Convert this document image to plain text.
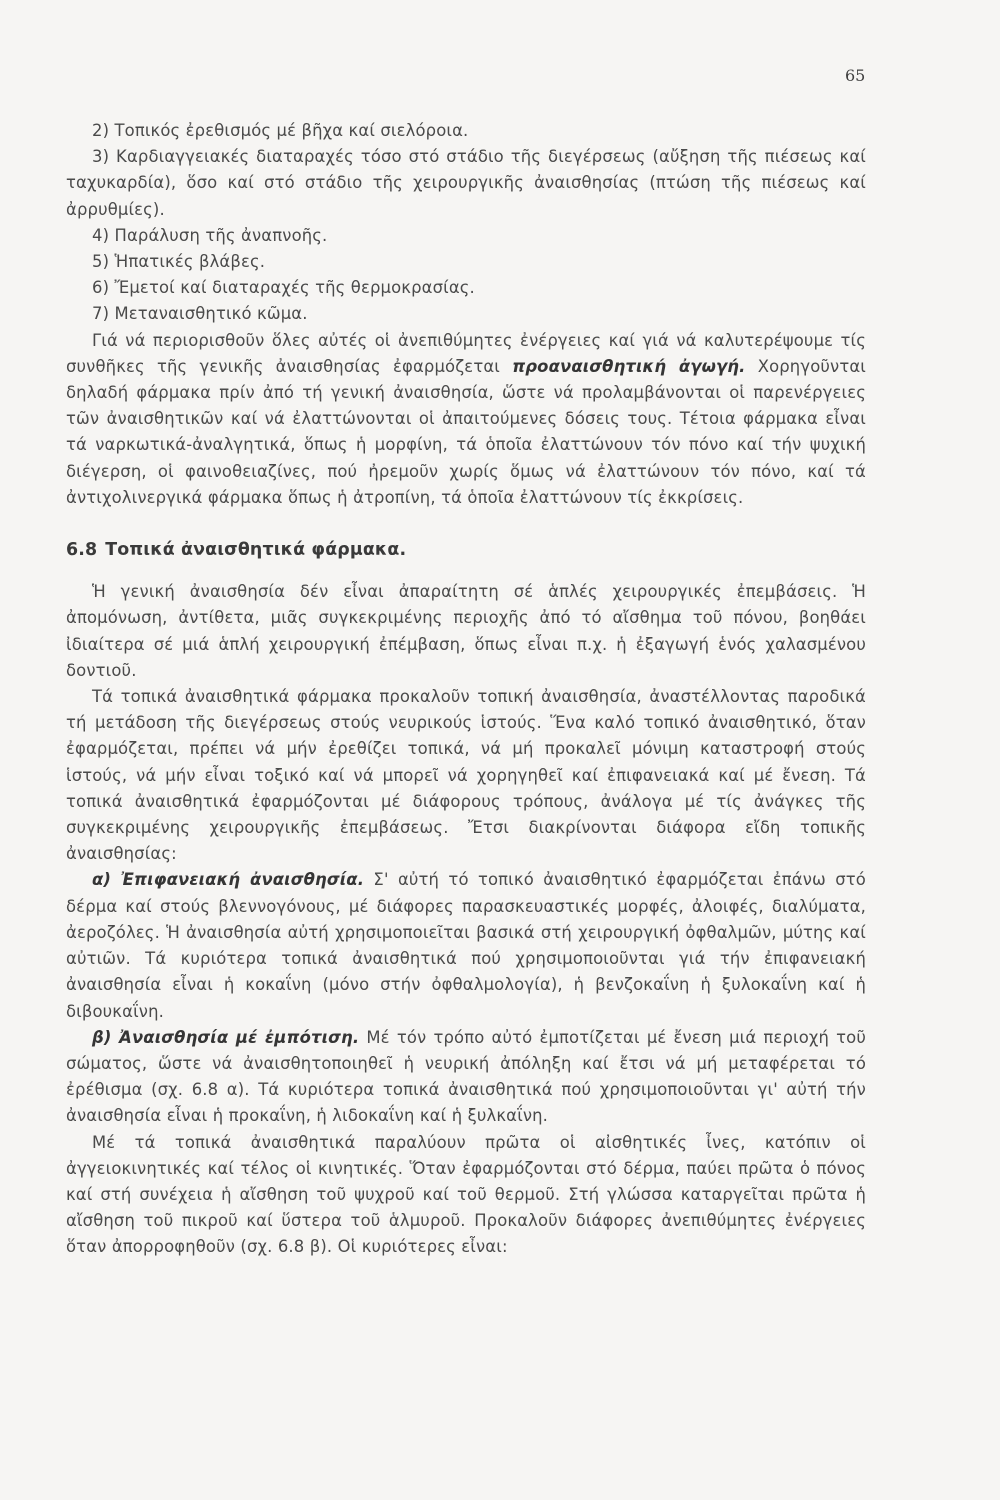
65

2) Τοπικός ἐρεθισμός μέ βῆχα καί σιελόροια.

3) Καρδιαγγειακές διαταραχές τόσο στό στάδιο τῆς διεγέρσεως (αὔξηση τῆς πιέσεως καί ταχυκαρδία), ὅσο καί στό στάδιο τῆς χειρουργικῆς ἀναισθησίας (πτώση τῆς πιέσεως καί ἀρρυθμίες).

4) Παράλυση τῆς ἀναπνοῆς.

5) Ἡπατικές βλάβες.

6) Ἔμετοί καί διαταραχές τῆς θερμοκρασίας.

7) Μεταναισθητικό κῶμα.

Γιά νά περιορισθοῦν ὅλες αὐτές οἱ ἀνεπιθύμητες ἐνέργειες καί γιά νά καλυτερέψουμε τίς συνθῆκες τῆς γενικῆς ἀναισθησίας ἐφαρμόζεται προαναισθητική ἀγωγή. Χορηγοῦνται δηλαδή φάρμακα πρίν ἀπό τή γενική ἀναισθησία, ὥστε νά προλαμβάνονται οἱ παρενέργειες τῶν ἀναισθητικῶν καί νά ἐλαττώνονται οἱ ἀπαιτούμενες δόσεις τους. Τέτοια φάρμακα εἶναι τά ναρκωτικά-ἀναλγητικά, ὅπως ἡ μορφίνη, τά ὁποῖα ἐλαττώνουν τόν πόνο καί τήν ψυχική διέγερση, οἱ φαινοθειαζίνες, πού ἠρεμοῦν χωρίς ὅμως νά ἐλαττώνουν τόν πόνο, καί τά ἀντιχολινεργικά φάρμακα ὅπως ἡ ἀτροπίνη, τά ὁποῖα ἐλαττώνουν τίς ἐκκρίσεις.

6.8 Τοπικά ἀναισθητικά φάρμακα.

Ἡ γενική ἀναισθησία δέν εἶναι ἀπαραίτητη σέ ἁπλές χειρουργικές ἐπεμβάσεις. Ἡ ἀπομόνωση, ἀντίθετα, μιᾶς συγκεκριμένης περιοχῆς ἀπό τό αἴσθημα τοῦ πόνου, βοηθάει ἰδιαίτερα σέ μιά ἁπλή χειρουργική ἐπέμβαση, ὅπως εἶναι π.χ. ἡ ἐξαγωγή ἑνός χαλασμένου δοντιοῦ.

Τά τοπικά ἀναισθητικά φάρμακα προκαλοῦν τοπική ἀναισθησία, ἀναστέλλοντας παροδικά τή μετάδοση τῆς διεγέρσεως στούς νευρικούς ἱστούς. Ἕνα καλό τοπικό ἀναισθητικό, ὅταν ἐφαρμόζεται, πρέπει νά μήν ἐρεθίζει τοπικά, νά μή προκαλεῖ μόνιμη καταστροφή στούς ἱστούς, νά μήν εἶναι τοξικό καί νά μπορεῖ νά χορηγηθεῖ καί ἐπιφανειακά καί μέ ἔνεση. Τά τοπικά ἀναισθητικά ἐφαρμόζονται μέ διάφορους τρόπους, ἀνάλογα μέ τίς ἀνάγκες τῆς συγκεκριμένης χειρουργικῆς ἐπεμβάσεως. Ἔτσι διακρίνονται διάφορα εἴδη τοπικῆς ἀναισθησίας:

α) Ἐπιφανειακή ἀναισθησία. Σ' αὐτή τό τοπικό ἀναισθητικό ἐφαρμόζεται ἐπάνω στό δέρμα καί στούς βλεννογόνους, μέ διάφορες παρασκευαστικές μορφές, ἀλοιφές, διαλύματα, ἀεροζόλες. Ἡ ἀναισθησία αὐτή χρησιμοποιεῖται βασικά στή χειρουργική ὀφθαλμῶν, μύτης καί αὐτιῶν. Τά κυριότερα τοπικά ἀναισθητικά πού χρησιμοποιοῦνται γιά τήν ἐπιφανειακή ἀναισθησία εἶναι ἡ κοκαΐνη (μόνο στήν ὀφθαλμολογία), ἡ βενζοκαΐνη ἡ ξυλοκαΐνη καί ἡ διβουκαΐνη.

β) Ἀναισθησία μέ ἐμπότιση. Μέ τόν τρόπο αὐτό ἐμποτίζεται μέ ἔνεση μιά περιοχή τοῦ σώματος, ὥστε νά ἀναισθητοποιηθεῖ ἡ νευρική ἀπόληξη καί ἔτσι νά μή μεταφέρεται τό ἐρέθισμα (σχ. 6.8 α). Τά κυριότερα τοπικά ἀναισθητικά πού χρησιμοποιοῦνται γι' αὐτή τήν ἀναισθησία εἶναι ἡ προκαΐνη, ἡ λιδοκαΐνη καί ἡ ξυλκαΐνη.

Μέ τά τοπικά ἀναισθητικά παραλύουν πρῶτα οἱ αἰσθητικές ἶνες, κατόπιν οἱ ἀγγειοκινητικές καί τέλος οἱ κινητικές. Ὅταν ἐφαρμόζονται στό δέρμα, παύει πρῶτα ὁ πόνος καί στή συνέχεια ἡ αἴσθηση τοῦ ψυχροῦ καί τοῦ θερμοῦ. Στή γλώσσα καταργεῖται πρῶτα ἡ αἴσθηση τοῦ πικροῦ καί ὕστερα τοῦ ἁλμυροῦ. Προκαλοῦν διάφορες ἀνεπιθύμητες ἐνέργειες ὅταν ἀπορροφηθοῦν (σχ. 6.8 β). Οἱ κυριότερες εἶναι:
